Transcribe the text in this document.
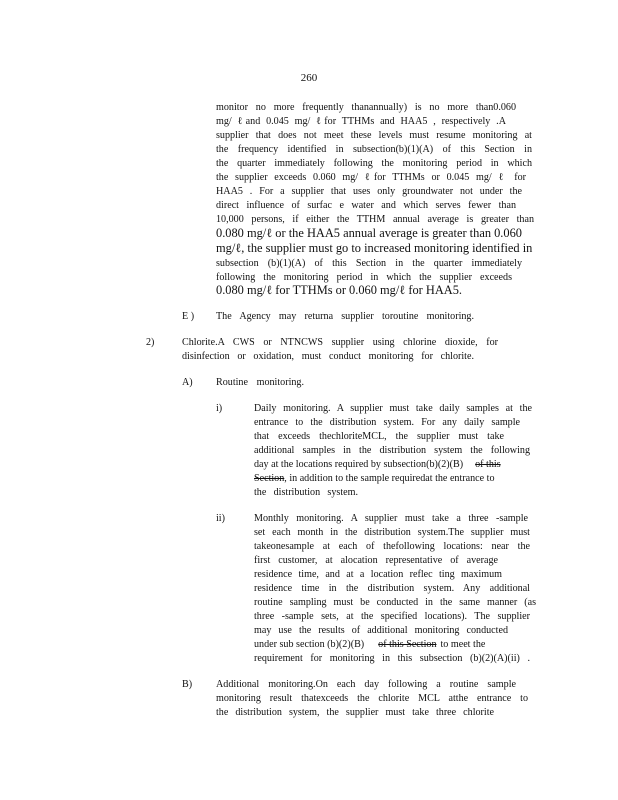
260
monitor no more frequently thanannually) is no more than0.060
mg/ ℓand 0.045 mg/ ℓfor TTHMs and HAA5 , respectively .A
supplier that does not meet these levels must resume monitoring at
the frequency identified in subsection(b)(1)(A) of this Section in
the quarter immediately following the monitoring period in which
the supplier exceeds 0.060 mg/ ℓfor TTHMs or 0.045 mg/ ℓ for
HAA5 . For a supplier that uses only groundwater not under the
direct influence of surfac e water and which serves fewer than
10,000 persons, if either the TTHM annual average is greater than
0.080 mg/ℓ or the HAA5 annual average is greater than 0.060
mg/ℓ, the supplier must go to increased monitoring identified in
subsection (b)(1)(A) of this Section in the quarter immediately
following the monitoring period in which the supplier exceeds
0.080 mg/ℓ for TTHMs or 0.060 mg/ℓ for HAA5.
E ) The Agency may returna supplier toroutine monitoring.
2)	Chlorite.A CWS or NTNCWS supplier using chlorine dioxide, for
disinfection or oxidation, must conduct monitoring for chlorite.
A) Routine monitoring.
i)	Daily monitoring. A supplier must take daily samples at the
entrance to the distribution system. For any daily sample
that exceeds thechloriteMCL, the supplier must take
additional samples in the distribution system the following
day at the locations required by subsection(b)(2)(B) of this
Section, in addition to the sample requiredat the entrance to
the distribution system.
ii)	Monthly monitoring. A supplier must take a three -sample
set each month in the distribution system.The supplier must
takeonesample at each of thefollowing locations: near the
first customer, at alocation representative of average
residence time, and at a location reflec ting maximum
residence time in the distribution system. Any additional
routine sampling must be conducted in the same manner (as
three -sample sets, at the specified locations). The supplier
may use the results of additional monitoring conducted
under sub section (b)(2)(B) of this Section to meet the
requirement for monitoring in this subsection (b)(2)(A)(ii) .
B) Additional monitoring.On each day following a routine sample
monitoring result thatexceeds the chlorite MCL atthe entrance to
the distribution system, the supplier must take three chlorite
